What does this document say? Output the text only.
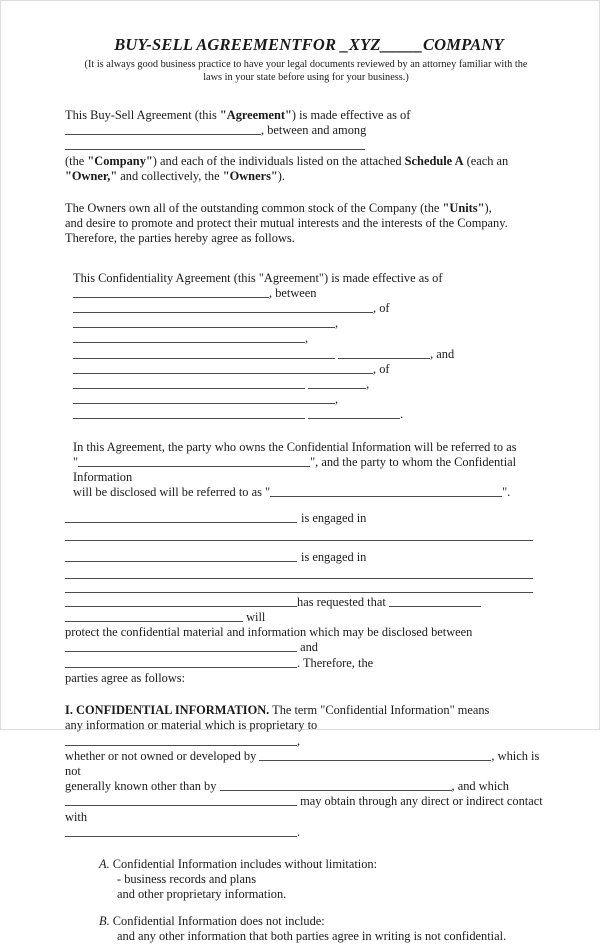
BUY-SELL AGREEMENTFOR _XYZ_____COMPANY
(It is always good business practice to have your legal documents reviewed by an attorney familiar with the
laws in your state before using for your business.)
This Buy-Sell Agreement (this "Agreement") is made effective as of
, between and among
(the "Company") and each of the individuals listed on the attached Schedule A (each an
"Owner," and collectively, the "Owners").
The Owners own all of the outstanding common stock of the Company (the "Units"),
and desire to promote and protect their mutual interests and the interests of the Company.
Therefore, the parties hereby agree as follows.
This Confidentiality Agreement (this "Agreement") is made effective as of
, between , of
, ,
, and
, of  ,
,  .
In this Agreement, the party who owns the Confidential Information will be referred to as
"	", and the party to whom the Confidential Information
will be disclosed will be referred to as "	".
is engaged in
is engaged in
has requested that   will
protect the confidential material and information which may be disclosed between
and . Therefore, the
parties agree as follows:
I. CONFIDENTIAL INFORMATION. The term "Confidential Information" means
any information or material which is proprietary to ,
whether or not owned or developed by	, which is not
generally known other than by	, and which
may obtain through any direct or indirect contact with
.
A. Confidential Information includes without limitation:
- business records and plans
and other proprietary information.
B. Confidential Information does not include:
and any other information that both parties agree in writing is not confidential.
